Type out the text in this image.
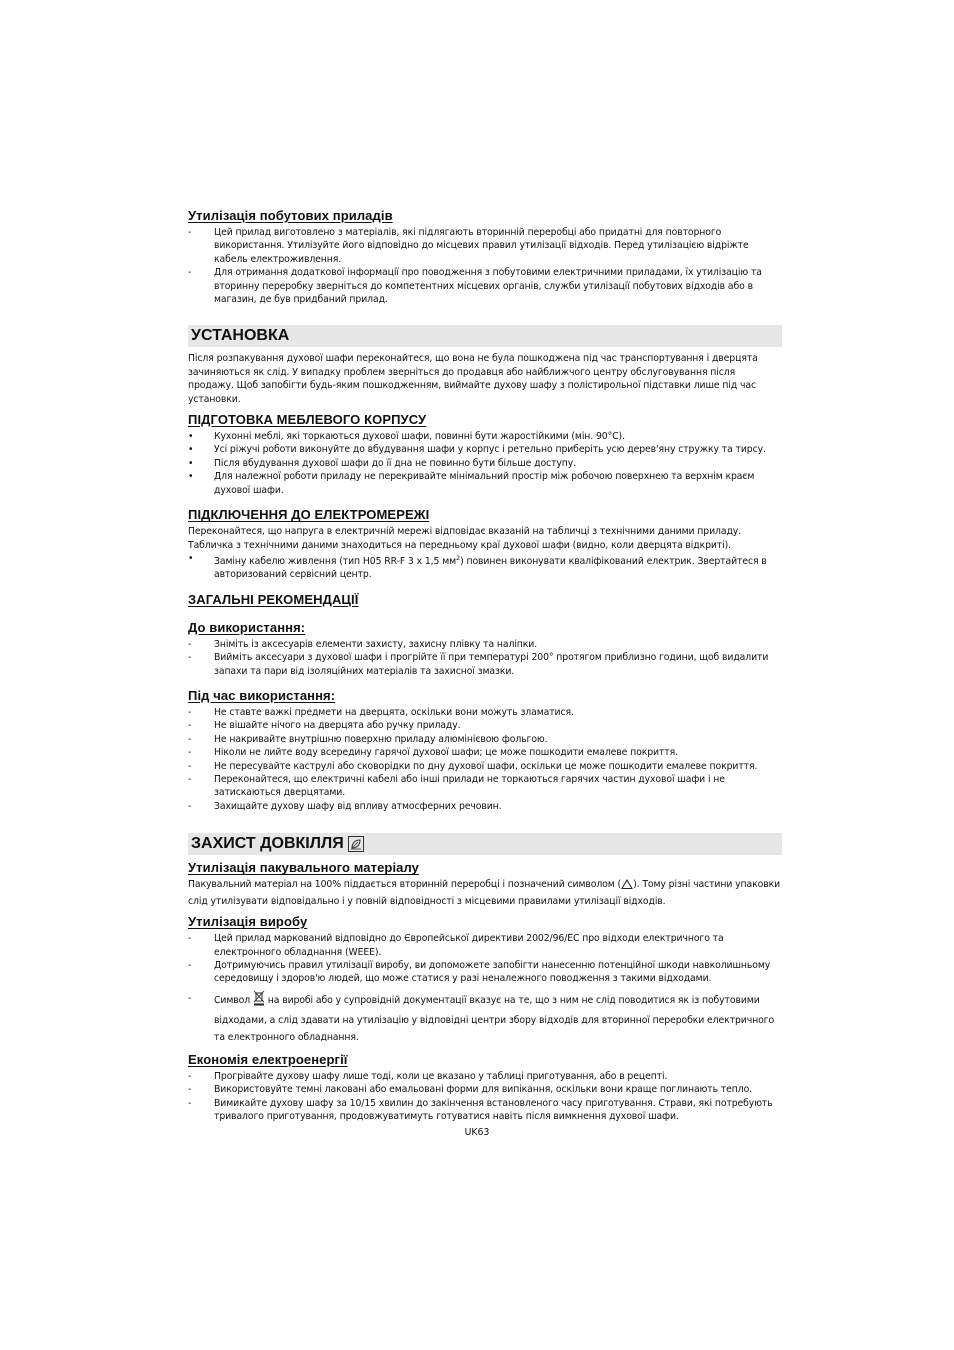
Утилізація побутових приладів
- Цей прилад виготовлено з матеріалів, які підлягають вторинній переробці або придатні для повторного використання. Утилізуйте його відповідно до місцевих правил утилізації відходів. Перед утилізацією відріжте кабель електроживлення.
- Для отримання додаткової інформації про поводження з побутовими електричними приладами, їх утилізацію та вторинну переробку зверніться до компетентних місцевих органів, служби утилізації побутових відходів або в магазин, де був придбаний прилад.
УСТАНОВКА

Після розпакування духової шафи переконайтеся, що вона не була пошкоджена під час транспортування і дверцята зачиняються як слід. У випадку проблем зверніться до продавця або найближчого центру обслуговування після продажу. Щоб запобігти будь-яким пошкодженням, виймайте духову шафу з полістирольної підставки лише під час установки.

ПІДГОТОВКА МЕБЛЕВОГО КОРПУСУ
• Кухонні меблі, які торкаються духової шафи, повинні бути жаростійкими (мін. 90°C).
• Усі ріжучі роботи виконуйте до вбудування шафи у корпус і ретельно приберіть усю дерев'яну стружку та тирсу.
• Після вбудування духової шафи до її дна не повинно бути більше доступу.
• Для належної роботи приладу не перекривайте мінімальний простір між робочою поверхнею та верхнім краєм духової шафи.
ПІДКЛЮЧЕННЯ ДО ЕЛЕКТРОМЕРЕЖІ

Переконайтеся, що напруга в електричній мережі відповідає вказаній на табличці з технічними даними приладу. Табличка з технічними даними знаходиться на передньому краї духової шафи (видно, коли дверцята відкриті).

• Заміну кабелю живлення (тип H05 RR-F 3 x 1,5 $мм^2$) повинен виконувати кваліфікований електрик. Звертайтеся в авторизований сервісний центр.
ЗАГАЛЬНІ РЕКОМЕНДАЦІЇ
До використання:
- Зніміть із аксесуарів елементи захисту, захисну плівку та наліпки.
- Вийміть аксесуари з духової шафи і прогрійте її при температурі 200° протягом приблизно години, щоб видалити запахи та пари від ізоляційних матеріалів та захисної змазки.
Під час використання:
- Не ставте важкі предмети на дверцята, оскільки вони можуть зламатися.
- Не вішайте нічого на дверцята або ручку приладу.
- Не накривайте внутрішню поверхню приладу алюмінієвою фольгою.
- Ніколи не лийте воду всередину гарячої духової шафи; це може пошкодити емалеве покриття.
- Не пересувайте каструлі або сковорідки по дну духової шафи, оскільки це може пошкодити емалеве покриття.
- Переконайтеся, що електричні кабелі або інші прилади не торкаються гарячих частин духової шафи і не затискаються дверцятами.
- Захищайте духову шафу від впливу атмосферних речовин.
ЗАХИСТ ДОВКІЛЛЯ
Утилізація пакувального матеріалу

Пакувальний матеріал на 100% піддається вторинній переробці і позначений символом ( ). Тому різні частини упаковки слід утилізувати відповідально і у повній відповідності з місцевими правилами утилізації відходів.

Утилізація виробу
- Цей прилад маркований відповідно до Європейської директиви 2002/96/EC про відходи електричного та електронного обладнання (WEEE).
- Дотримуючись правил утилізації виробу, ви допоможете запобігти нанесенню потенційної шкоди навколишньому середовищу і здоров'ю людей, що може статися у разі неналежного поводження з такими відходами.
- Символ на виробі або у супровідній документації вказує на те, що з ним не слід поводитися як із побутовими відходами, а слід здавати на утилізацію у відповідні центри збору відходів для вторинної переробки електричного та електронного обладнання.
Економія електроенергії
- Прогрівайте духову шафу лише тоді, коли це вказано у таблиці приготування, або в рецепті.
- Використовуйте темні лаковані або емальовані форми для випікання, оскільки вони краще поглинають тепло.
- Вимикайте духову шафу за 10/15 хвилин до закінчення встановленого часу приготування. Страви, які потребують тривалого приготування, продовжуватимуть готуватися навіть після вимкнення духової шафи.
UK63
